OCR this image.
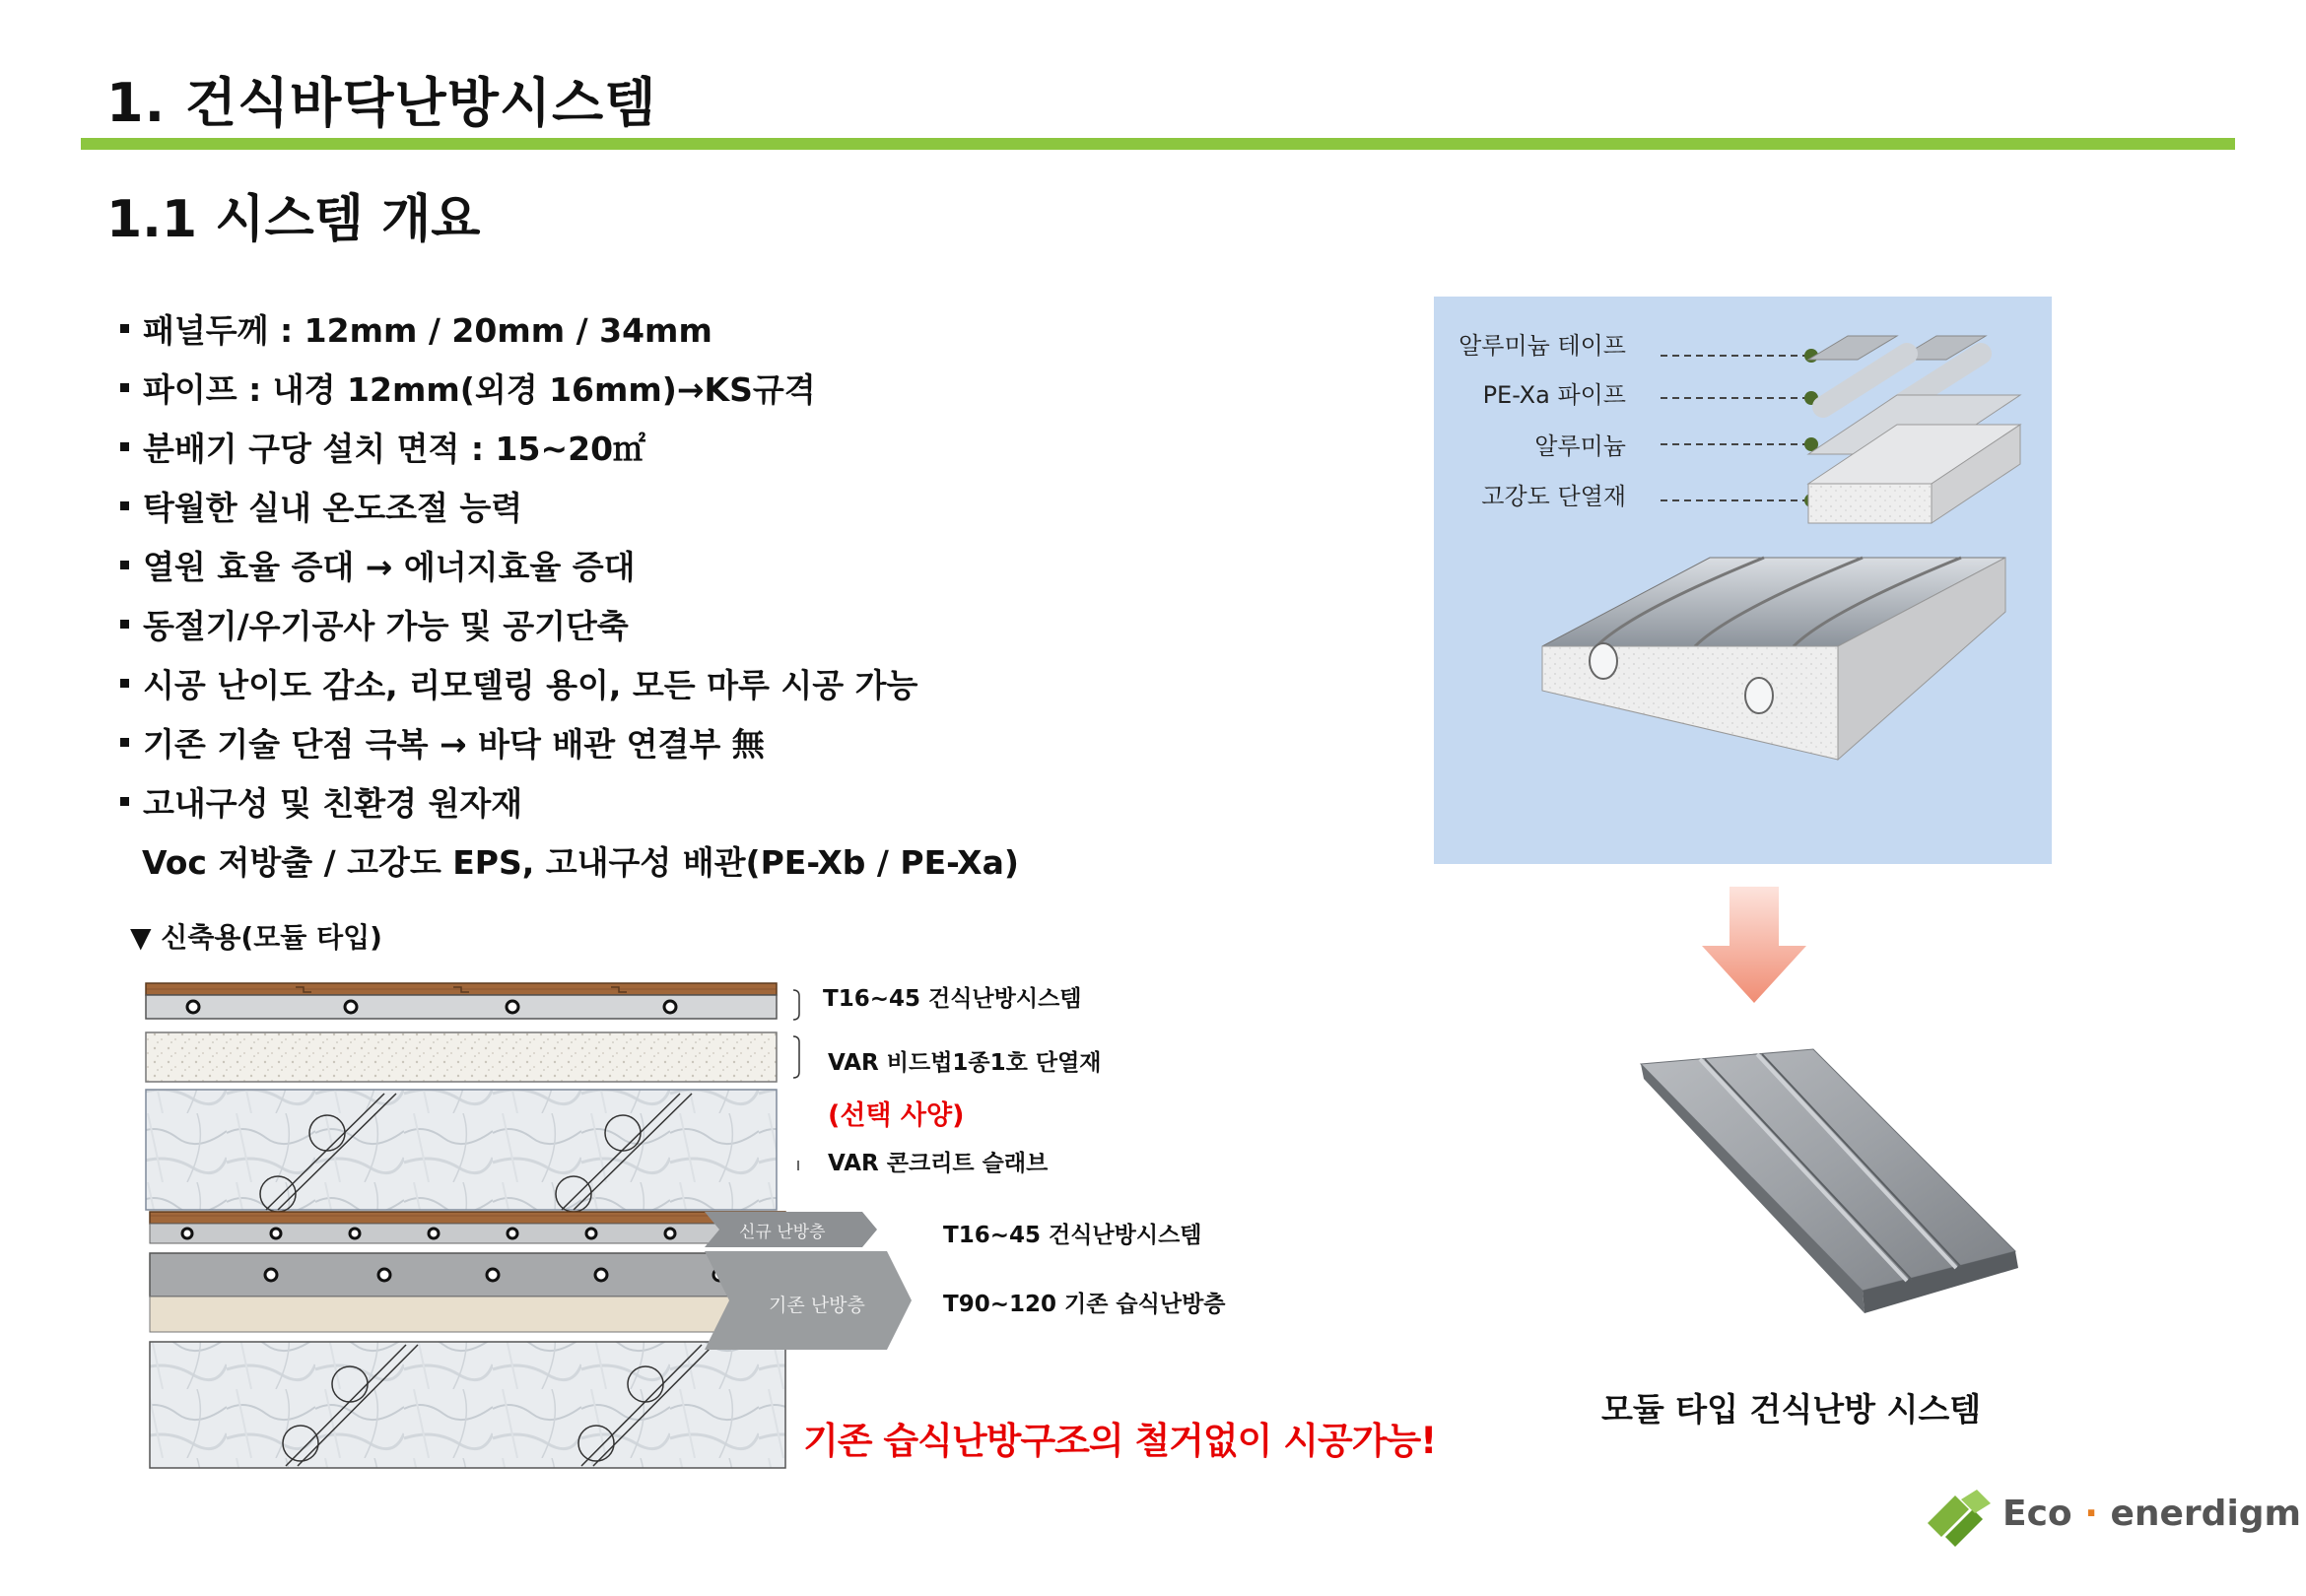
1. 건식바닥난방시스템
1.1 시스템 개요
패널두께 : 12mm / 20mm / 34mm
파이프 : 내경 12mm(외경 16mm)→KS규격
분배기 구당 설치 면적 : 15~20㎡
탁월한 실내 온도조절 능력
열원 효율 증대 → 에너지효율 증대
동절기/우기공사 가능 및 공기단축
시공 난이도 감소, 리모델링 용이, 모든 마루 시공 가능
기존 기술 단점 극복 → 바닥 배관 연결부 無
고내구성 및 친환경 원자재
Voc 저방출 / 고강도 EPS, 고내구성 배관(PE-Xb / PE-Xa)
▼ 신축용(모듈 타입)
T16~45 건식난방시스템
VAR 비드법1종1호 단열재
(선택 사양)
VAR 콘크리트 슬래브
T16~45 건식난방시스템
T90~120 기존 습식난방층
신규 난방층
기존 난방층
기존 습식난방구조의 철거없이 시공가능!
알루미늄 테이프
PE-Xa 파이프
알루미늄
고강도 단열재
모듈 타입 건식난방 시스템
Eco · enerdigm
